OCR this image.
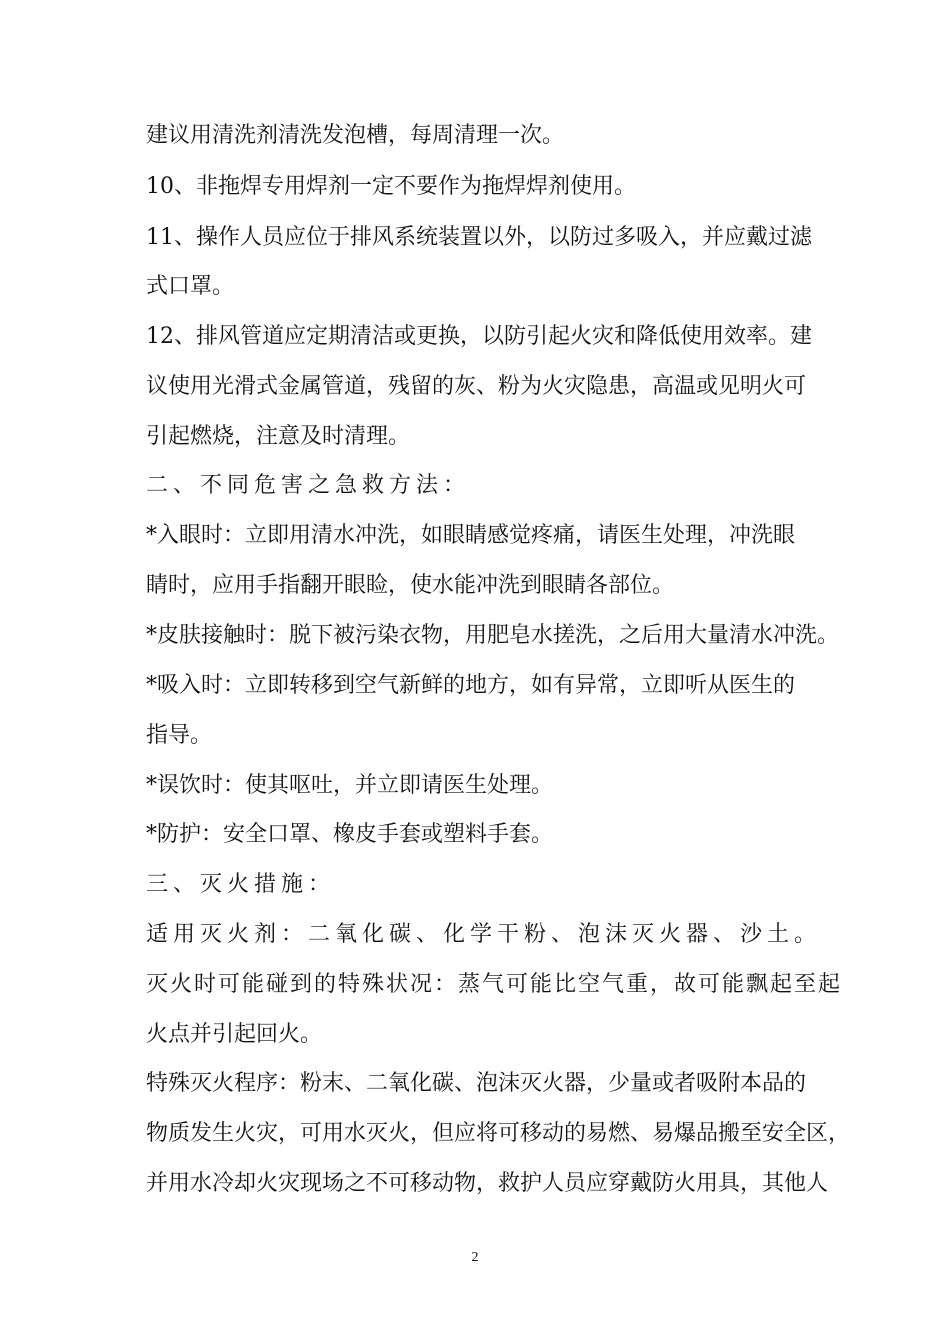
建议用清洗剂清洗发泡槽，每周清理一次。
10、非拖焊专用焊剂一定不要作为拖焊焊剂使用。
11、操作人员应位于排风系统装置以外，以防过多吸入，并应戴过滤
式口罩。
12、排风管道应定期清洁或更换，以防引起火灾和降低使用效率。建
议使用光滑式金属管道，残留的灰、粉为火灾隐患，高温或见明火可
引起燃烧，注意及时清理。
二、不同危害之急救方法：
*入眼时：立即用清水冲洗，如眼睛感觉疼痛，请医生处理，冲洗眼
睛时，应用手指翻开眼睑，使水能冲洗到眼睛各部位。
*皮肤接触时：脱下被污染衣物，用肥皂水搓洗，之后用大量清水冲洗。
*吸入时：立即转移到空气新鲜的地方，如有异常，立即听从医生的
指导。
*误饮时：使其呕吐，并立即请医生处理。
*防护：安全口罩、橡皮手套或塑料手套。
三、灭火措施：
适用灭火剂：二氧化碳、化学干粉、泡沫灭火器、沙土。
灭火时可能碰到的特殊状况：蒸气可能比空气重，故可能飘起至起
火点并引起回火。
特殊灭火程序：粉末、二氧化碳、泡沫灭火器，少量或者吸附本品的
物质发生火灾，可用水灭火，但应将可移动的易燃、易爆品搬至安全区，
并用水冷却火灾现场之不可移动物，救护人员应穿戴防火用具，其他人
2
